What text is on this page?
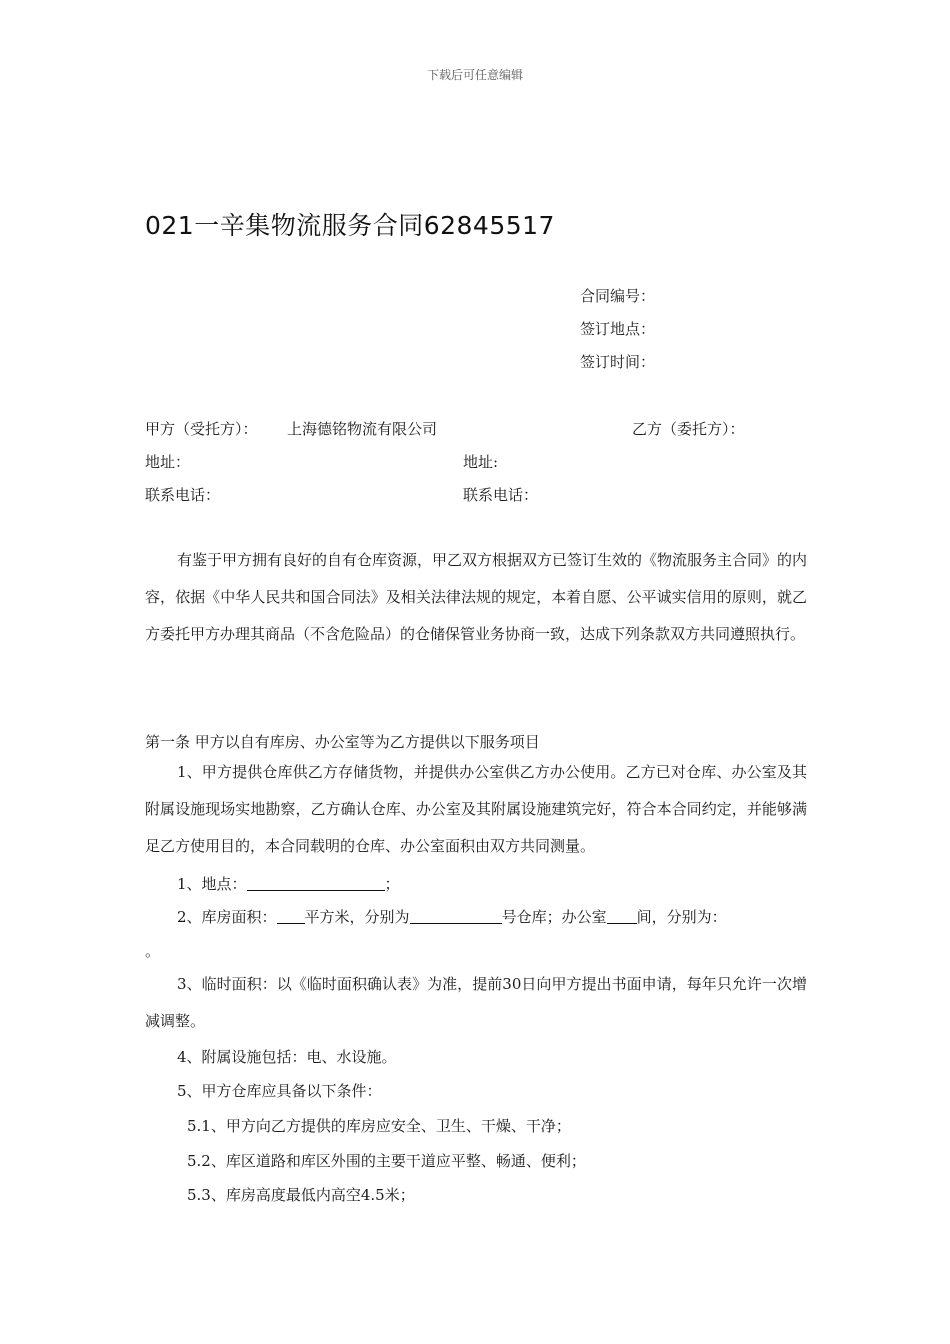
下载后可任意编辑
021一辛集物流服务合同62845517
合同编号：
签订地点：
签订时间：
甲方（受托方）： 上海德铭物流有限公司	乙方（委托方）：
地址：	地址:
联系电话：	联系电话：
有鉴于甲方拥有良好的自有仓库资源，甲乙双方根据双方已签订生效的《物流服务主合同》的内容，依据《中华人民共和国合同法》及相关法律法规的规定，本着自愿、公平诚实信用的原则，就乙方委托甲方办理其商品（不含危险品）的仓储保管业务协商一致，达成下列条款双方共同遵照执行。
第一条 甲方以自有库房、办公室等为乙方提供以下服务项目
1、甲方提供仓库供乙方存储货物，并提供办公室供乙方办公使用。乙方已对仓库、办公室及其附属设施现场实地勘察，乙方确认仓库、办公室及其附属设施建筑完好，符合本合同约定，并能够满足乙方使用目的，本合同载明的仓库、办公室面积由双方共同测量。
1、地点：	；
2、库房面积： 平方米，分别为	号仓库；办公室 间，分别为：
。
3、临时面积：以《临时面积确认表》为准，提前30日向甲方提出书面申请，每年只允许一次增减调整。
4、附属设施包括：电、水设施。
5、甲方仓库应具备以下条件：
5.1、甲方向乙方提供的库房应安全、卫生、干燥、干净；
5.2、库区道路和库区外围的主要干道应平整、畅通、便利；
5.3、库房高度最低内高空4.5米；
